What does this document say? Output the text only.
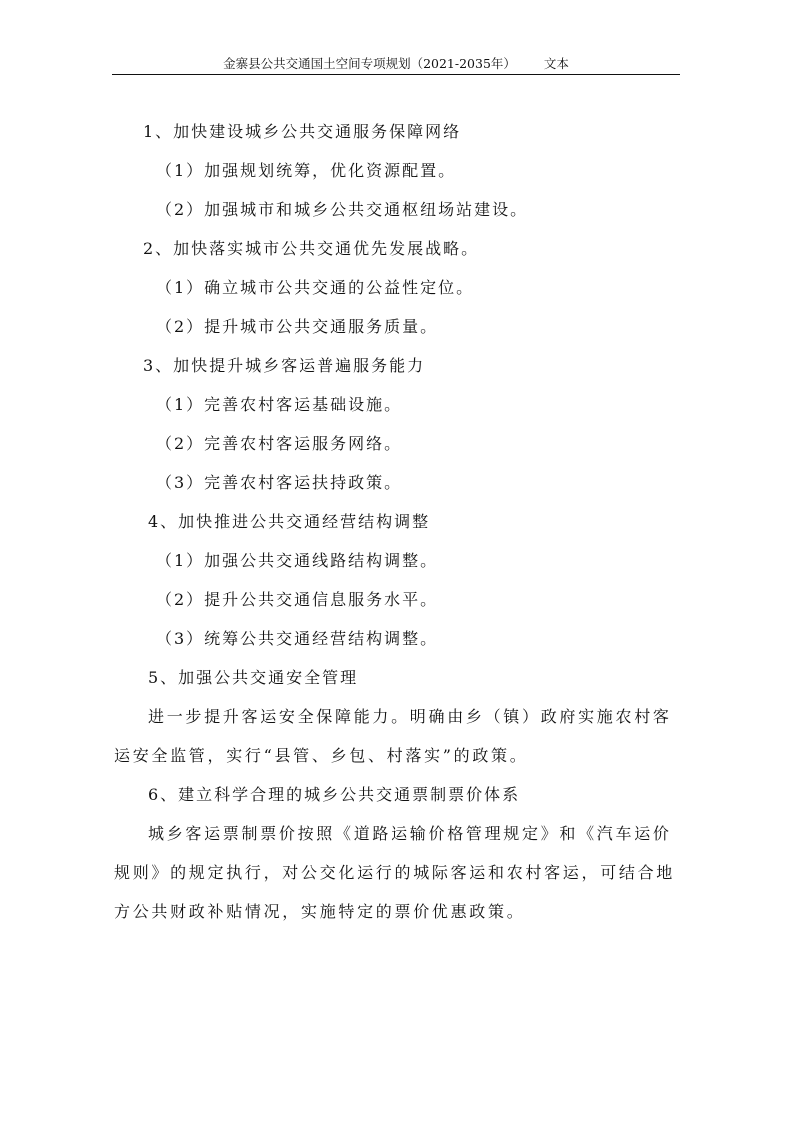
金寨县公共交通国土空间专项规划（2021-2035年） 文本
1、加快建设城乡公共交通服务保障网络
（1）加强规划统筹，优化资源配置。
（2）加强城市和城乡公共交通枢纽场站建设。
2、加快落实城市公共交通优先发展战略。
（1）确立城市公共交通的公益性定位。
（2）提升城市公共交通服务质量。
3、加快提升城乡客运普遍服务能力
（1）完善农村客运基础设施。
（2）完善农村客运服务网络。
（3）完善农村客运扶持政策。
4、加快推进公共交通经营结构调整
（1）加强公共交通线路结构调整。
（2）提升公共交通信息服务水平。
（3）统筹公共交通经营结构调整。
5、加强公共交通安全管理
进一步提升客运安全保障能力。明确由乡（镇）政府实施农村客
运安全监管，实行“县管、乡包、村落实”的政策。
6、建立科学合理的城乡公共交通票制票价体系
城乡客运票制票价按照《道路运输价格管理规定》和《汽车运价
规则》的规定执行，对公交化运行的城际客运和农村客运，可结合地
方公共财政补贴情况，实施特定的票价优惠政策。
